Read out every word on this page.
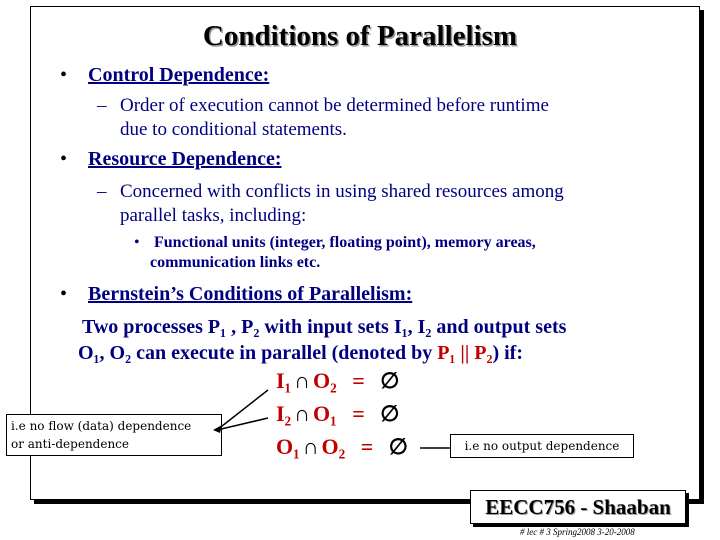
Conditions of Parallelism
• Control Dependence:
– Order of execution cannot be determined before runtime
due to conditional statements.
• Resource Dependence:
– Concerned with conflicts in using shared resources among
parallel tasks, including:
• Functional units (integer, floating point), memory areas,
communication links etc.
• Bernstein’s Conditions of Parallelism:
Two processes P₁ , P₂ with input sets I₁, I₂ and output sets
O₁, O₂ can execute in parallel (denoted by P₁ || P₂) if:
I₁ ∩ O₂ = ∅
I₂ ∩ O₁ = ∅
O₁ ∩ O₂ = ∅
i.e no flow (data) dependence
or anti-dependence	i.e no output dependence
EECC756 - Shaaban
# lec # 3 Spring2008 3-20-2008
